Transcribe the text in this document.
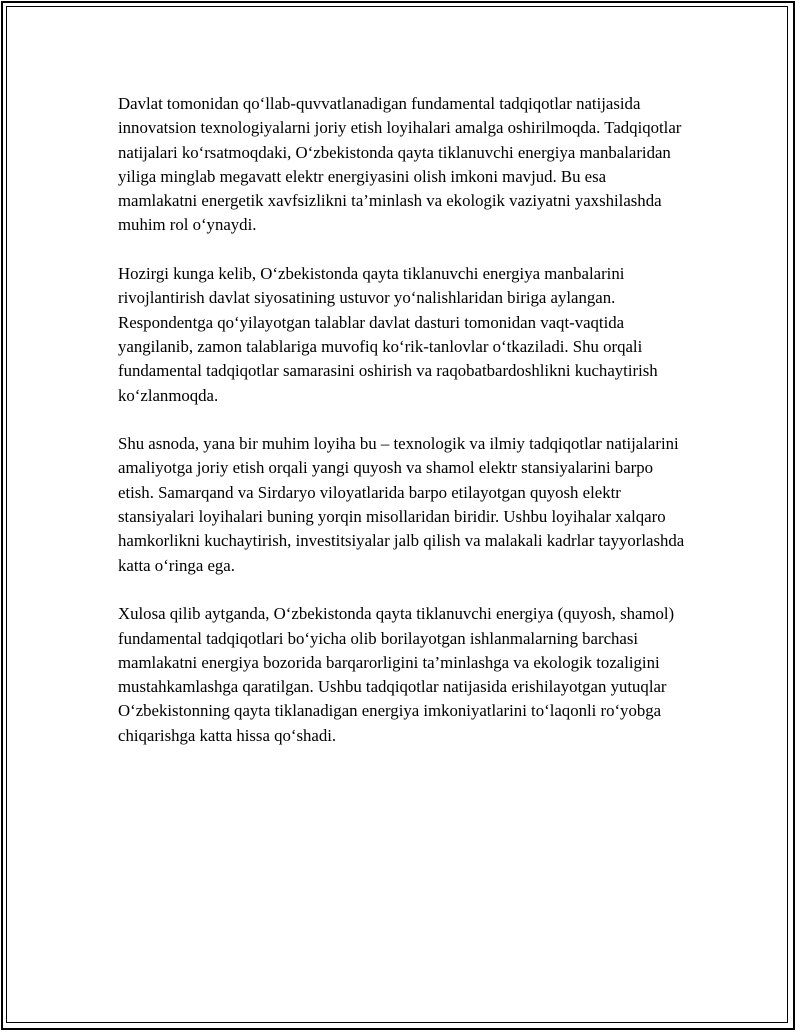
Davlat tomonidan qo‘llab-quvvatlanadigan fundamental tadqiqotlar natijasida innovatsion texnologiyalarni joriy etish loyihalari amalga oshirilmoqda. Tadqiqotlar natijalari ko‘rsatmoqdaki, O‘zbekistonda qayta tiklanuvchi energiya manbalaridan yiliga minglab megavatt elektr energiyasini olish imkoni mavjud. Bu esa mamlakatni energetik xavfsizlikni ta’minlash va ekologik vaziyatni yaxshilashda muhim rol o‘ynaydi.

Hozirgi kunga kelib, O‘zbekistonda qayta tiklanuvchi energiya manbalarini rivojlantirish davlat siyosatining ustuvor yo‘nalishlaridan biriga aylangan. Respondentga qo‘yilayotgan talablar davlat dasturi tomonidan vaqt-vaqtida yangilanib, zamon talablariga muvofiq ko‘rik-tanlovlar o‘tkaziladi. Shu orqali fundamental tadqiqotlar samarasini oshirish va raqobatbardoshlikni kuchaytirish ko‘zlanmoqda.

Shu asnoda, yana bir muhim loyiha bu – texnologik va ilmiy tadqiqotlar natijalarini amaliyotga joriy etish orqali yangi quyosh va shamol elektr stansiyalarini barpo etish. Samarqand va Sirdaryo viloyatlarida barpo etilayotgan quyosh elektr stansiyalari loyihalari buning yorqin misollaridan biridir. Ushbu loyihalar xalqaro hamkorlikni kuchaytirish, investitsiyalar jalb qilish va malakali kadrlar tayyorlashda katta o‘ringa ega.

Xulosa qilib aytganda, O‘zbekistonda qayta tiklanuvchi energiya (quyosh, shamol) fundamental tadqiqotlari bo‘yicha olib borilayotgan ishlanmalarning barchasi mamlakatni energiya bozorida barqarorligini ta’minlashga va ekologik tozaligini mustahkamlashga qaratilgan. Ushbu tadqiqotlar natijasida erishilayotgan yutuqlar O‘zbekistonning qayta tiklanadigan energiya imkoniyatlarini to‘laqonli ro‘yobga chiqarishga katta hissa qo‘shadi.
